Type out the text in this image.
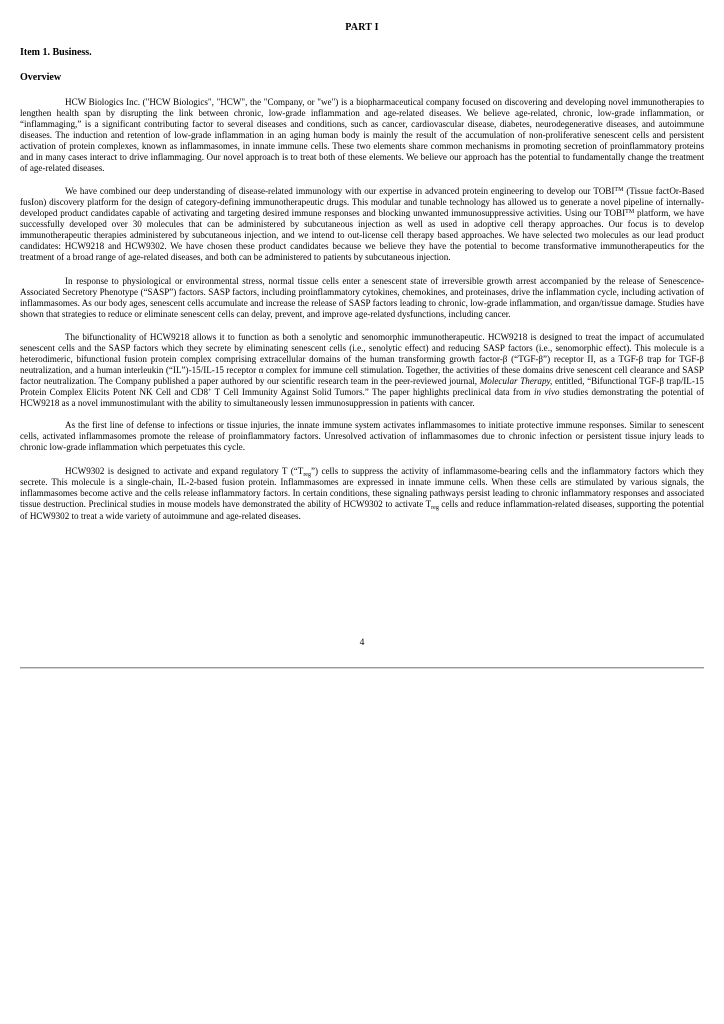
PART I

Item 1. Business.

Overview

HCW Biologics Inc. ("HCW Biologics", "HCW", the "Company, or "we") is a biopharmaceutical company focused on discovering and developing novel immunotherapies to lengthen health span by disrupting the link between chronic, low-grade inflammation and age-related diseases. We believe age-related, chronic, low-grade inflammation, or “inflammaging,” is a significant contributing factor to several diseases and conditions, such as cancer, cardiovascular disease, diabetes, neurodegenerative diseases, and autoimmune diseases. The induction and retention of low-grade inflammation in an aging human body is mainly the result of the accumulation of non-proliferative senescent cells and persistent activation of protein complexes, known as inflammasomes, in innate immune cells. These two elements share common mechanisms in promoting secretion of proinflammatory proteins and in many cases interact to drive inflammaging. Our novel approach is to treat both of these elements. We believe our approach has the potential to fundamentally change the treatment of age-related diseases.

We have combined our deep understanding of disease-related immunology with our expertise in advanced protein engineering to develop our TOBI™ (Tissue factOr-Based fusIon) discovery platform for the design of category-defining immunotherapeutic drugs. This modular and tunable technology has allowed us to generate a novel pipeline of internally-developed product candidates capable of activating and targeting desired immune responses and blocking unwanted immunosuppressive activities. Using our TOBI™ platform, we have successfully developed over 30 molecules that can be administered by subcutaneous injection as well as used in adoptive cell therapy approaches. Our focus is to develop immunotherapeutic therapies administered by subcutaneous injection, and we intend to out-license cell therapy based approaches. We have selected two molecules as our lead product candidates: HCW9218 and HCW9302. We have chosen these product candidates because we believe they have the potential to become transformative immunotherapeutics for the treatment of a broad range of age-related diseases, and both can be administered to patients by subcutaneous injection.

In response to physiological or environmental stress, normal tissue cells enter a senescent state of irreversible growth arrest accompanied by the release of Senescence-Associated Secretory Phenotype (“SASP”) factors. SASP factors, including proinflammatory cytokines, chemokines, and proteinases, drive the inflammation cycle, including activation of inflammasomes. As our body ages, senescent cells accumulate and increase the release of SASP factors leading to chronic, low-grade inflammation, and organ/tissue damage. Studies have shown that strategies to reduce or eliminate senescent cells can delay, prevent, and improve age-related dysfunctions, including cancer.

The bifunctionality of HCW9218 allows it to function as both a senolytic and senomorphic immunotherapeutic. HCW9218 is designed to treat the impact of accumulated senescent cells and the SASP factors which they secrete by eliminating senescent cells (i.e., senolytic effect) and reducing SASP factors (i.e., senomorphic effect). This molecule is a heterodimeric, bifunctional fusion protein complex comprising extracellular domains of the human transforming growth factor-β (“TGF-β”) receptor II, as a TGF-β trap for TGF-β neutralization, and a human interleukin (“IL”)-15/IL-15 receptor α complex for immune cell stimulation. Together, the activities of these domains drive senescent cell clearance and SASP factor neutralization. The Company published a paper authored by our scientific research team in the peer-reviewed journal, Molecular Therapy, entitled, “Bifunctional TGF-β trap/IL-15 Protein Complex Elicits Potent NK Cell and CD8+ T Cell Immunity Against Solid Tumors.” The paper highlights preclinical data from in vivo studies demonstrating the potential of HCW9218 as a novel immunostimulant with the ability to simultaneously lessen immunosuppression in patients with cancer.

As the first line of defense to infections or tissue injuries, the innate immune system activates inflammasomes to initiate protective immune responses. Similar to senescent cells, activated inflammasomes promote the release of proinflammatory factors. Unresolved activation of inflammasomes due to chronic infection or persistent tissue injury leads to chronic low-grade inflammation which perpetuates this cycle.

HCW9302 is designed to activate and expand regulatory T $(“T_{reg}”)$ cells to suppress the activity of inflammasome-bearing cells and the inflammatory factors which they secrete. This molecule is a single-chain, IL-2-based fusion protein. Inflammasomes are expressed in innate immune cells. When these cells are stimulated by various signals, the inflammasomes become active and the cells release inflammatory factors. In certain conditions, these signaling pathways persist leading to chronic inflammatory responses and associated tissue destruction. Preclinical studies in mouse models have demonstrated the ability of HCW9302 to activate $T_{reg}$ cells and reduce inflammation-related diseases, supporting the potential of HCW9302 to treat a wide variety of autoimmune and age-related diseases.

4
